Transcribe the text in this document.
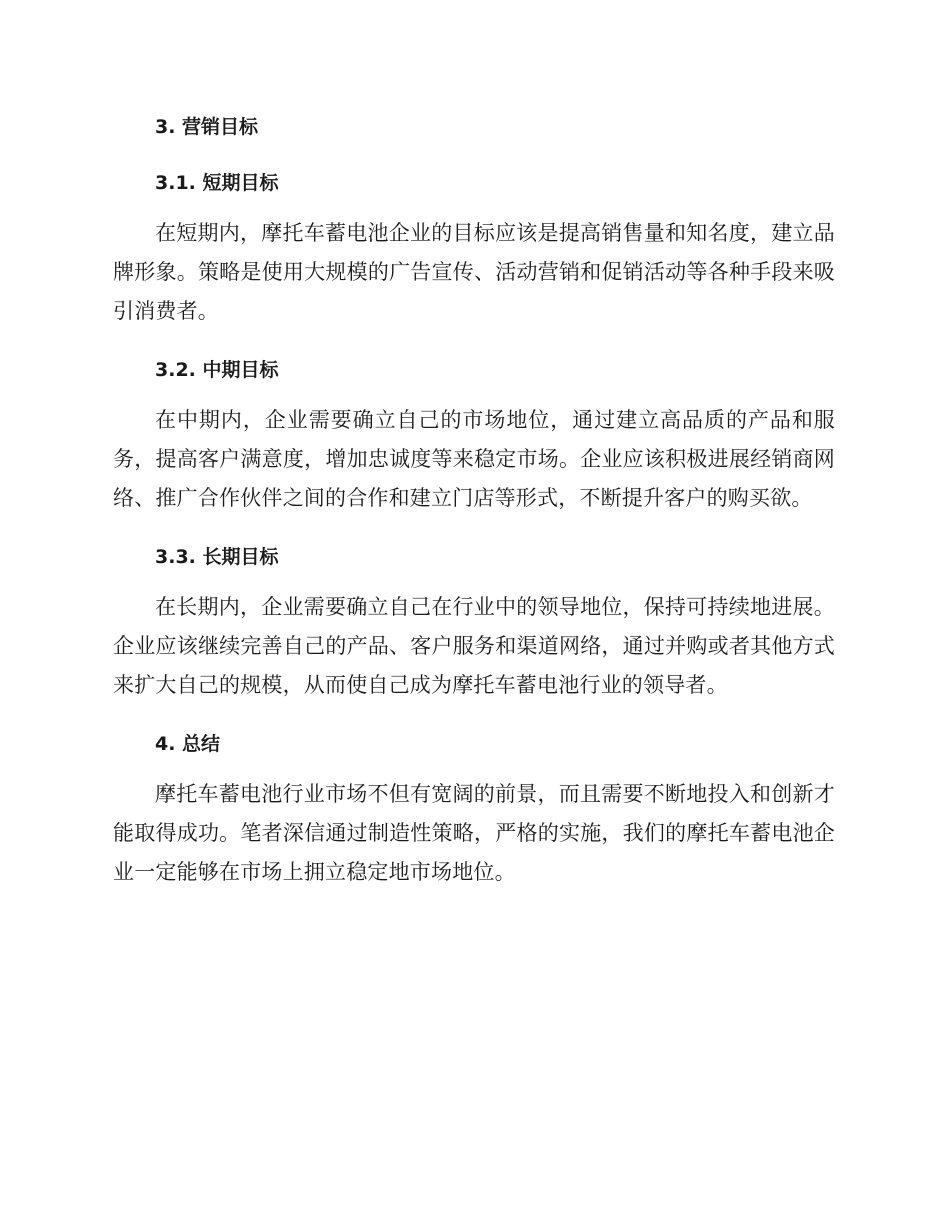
3. 营销目标
3.1. 短期目标

在短期内，摩托车蓄电池企业的目标应该是提高销售量和知名度，建立品牌形象。策略是使用大规模的广告宣传、活动营销和促销活动等各种手段来吸引消费者。

3.2. 中期目标

在中期内，企业需要确立自己的市场地位，通过建立高品质的产品和服务，提高客户满意度，增加忠诚度等来稳定市场。企业应该积极进展经销商网络、推广合作伙伴之间的合作和建立门店等形式，不断提升客户的购买欲。

3.3. 长期目标

在长期内，企业需要确立自己在行业中的领导地位，保持可持续地进展。企业应该继续完善自己的产品、客户服务和渠道网络，通过并购或者其他方式来扩大自己的规模，从而使自己成为摩托车蓄电池行业的领导者。

4. 总结

摩托车蓄电池行业市场不但有宽阔的前景，而且需要不断地投入和创新才能取得成功。笔者深信通过制造性策略，严格的实施，我们的摩托车蓄电池企业一定能够在市场上拥立稳定地市场地位。
